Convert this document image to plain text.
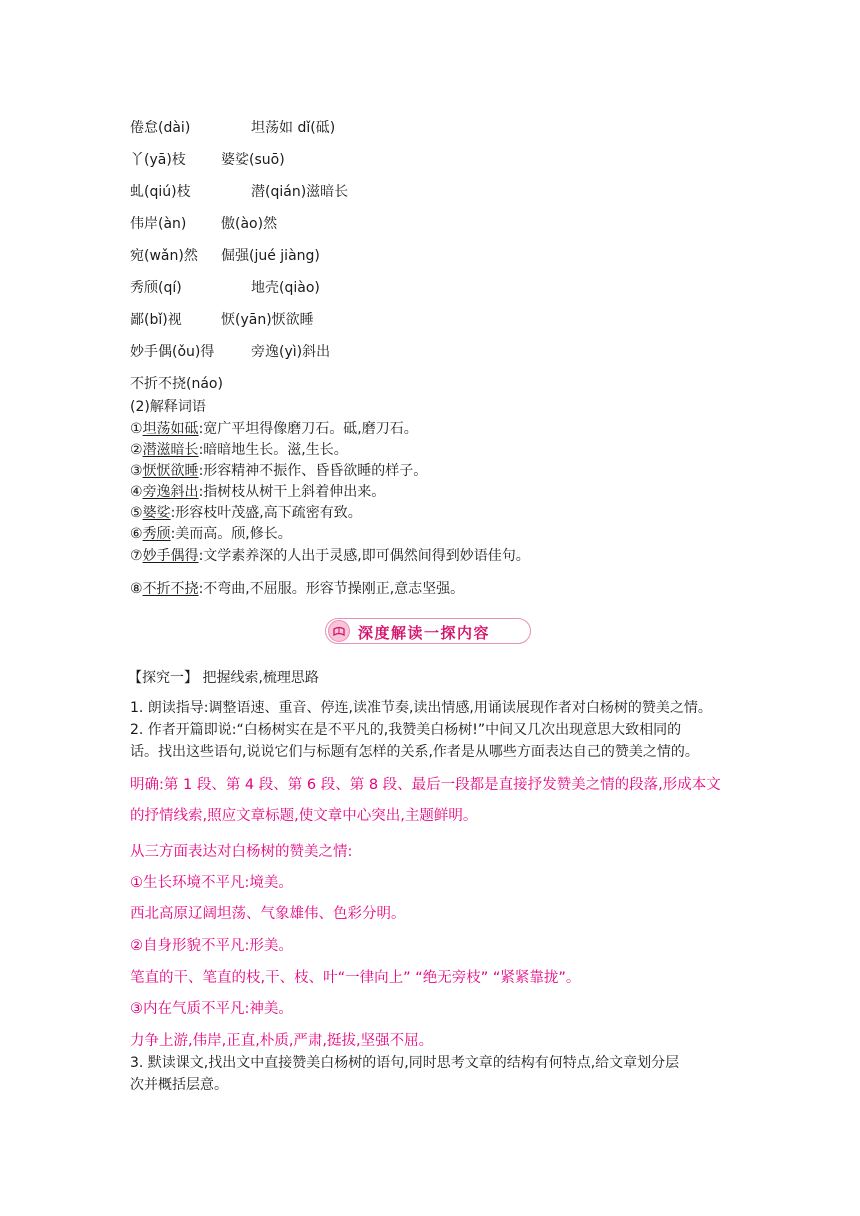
倦怠(dài)	坦荡如 dǐ(砥)
丫(yā)枝	婆娑(suō)
虬(qiú)枝	潜(qián)滋暗长
伟岸(àn) 傲(ào)然
宛(wǎn)然 倔强(jué jiàng)
秀颀(qí)	地壳(qiào)
鄙(bǐ)视	恹(yān)恹欲睡
妙手偶(ǒu)得	旁逸(yì)斜出
不折不挠(náo)
(2)解释词语
①坦荡如砥:宽广平坦得像磨刀石。砥,磨刀石。
②潜滋暗长:暗暗地生长。滋,生长。
③恹恹欲睡:形容精神不振作、昏昏欲睡的样子。
④旁逸斜出:指树枝从树干上斜着伸出来。
⑤婆娑:形容枝叶茂盛,高下疏密有致。
⑥秀颀:美而高。颀,修长。
⑦妙手偶得:文学素养深的人出于灵感,即可偶然间得到妙语佳句。
⑧不折不挠:不弯曲,不屈服。形容节操刚正,意志坚强。
深度解读一探内容
【探究一】 把握线索,梳理思路
1. 朗读指导:调整语速、重音、停连,读准节奏,读出情感,用诵读展现作者对白杨树的赞美之情。
2. 作者开篇即说:“白杨树实在是不平凡的,我赞美白杨树!”中间又几次出现意思大致相同的
话。找出这些语句,说说它们与标题有怎样的关系,作者是从哪些方面表达自己的赞美之情的。
明确:第 1 段、第 4 段、第 6 段、第 8 段、最后一段都是直接抒发赞美之情的段落,形成本文
的抒情线索,照应文章标题,使文章中心突出,主题鲜明。
从三方面表达对白杨树的赞美之情:
①生长环境不平凡:境美。
西北高原辽阔坦荡、气象雄伟、色彩分明。
②自身形貌不平凡:形美。
笔直的干、笔直的枝,干、枝、叶“一律向上” “绝无旁枝” “紧紧靠拢”。
③内在气质不平凡:神美。
力争上游,伟岸,正直,朴质,严肃,挺拔,坚强不屈。
3. 默读课文,找出文中直接赞美白杨树的语句,同时思考文章的结构有何特点,给文章划分层
次并概括层意。
